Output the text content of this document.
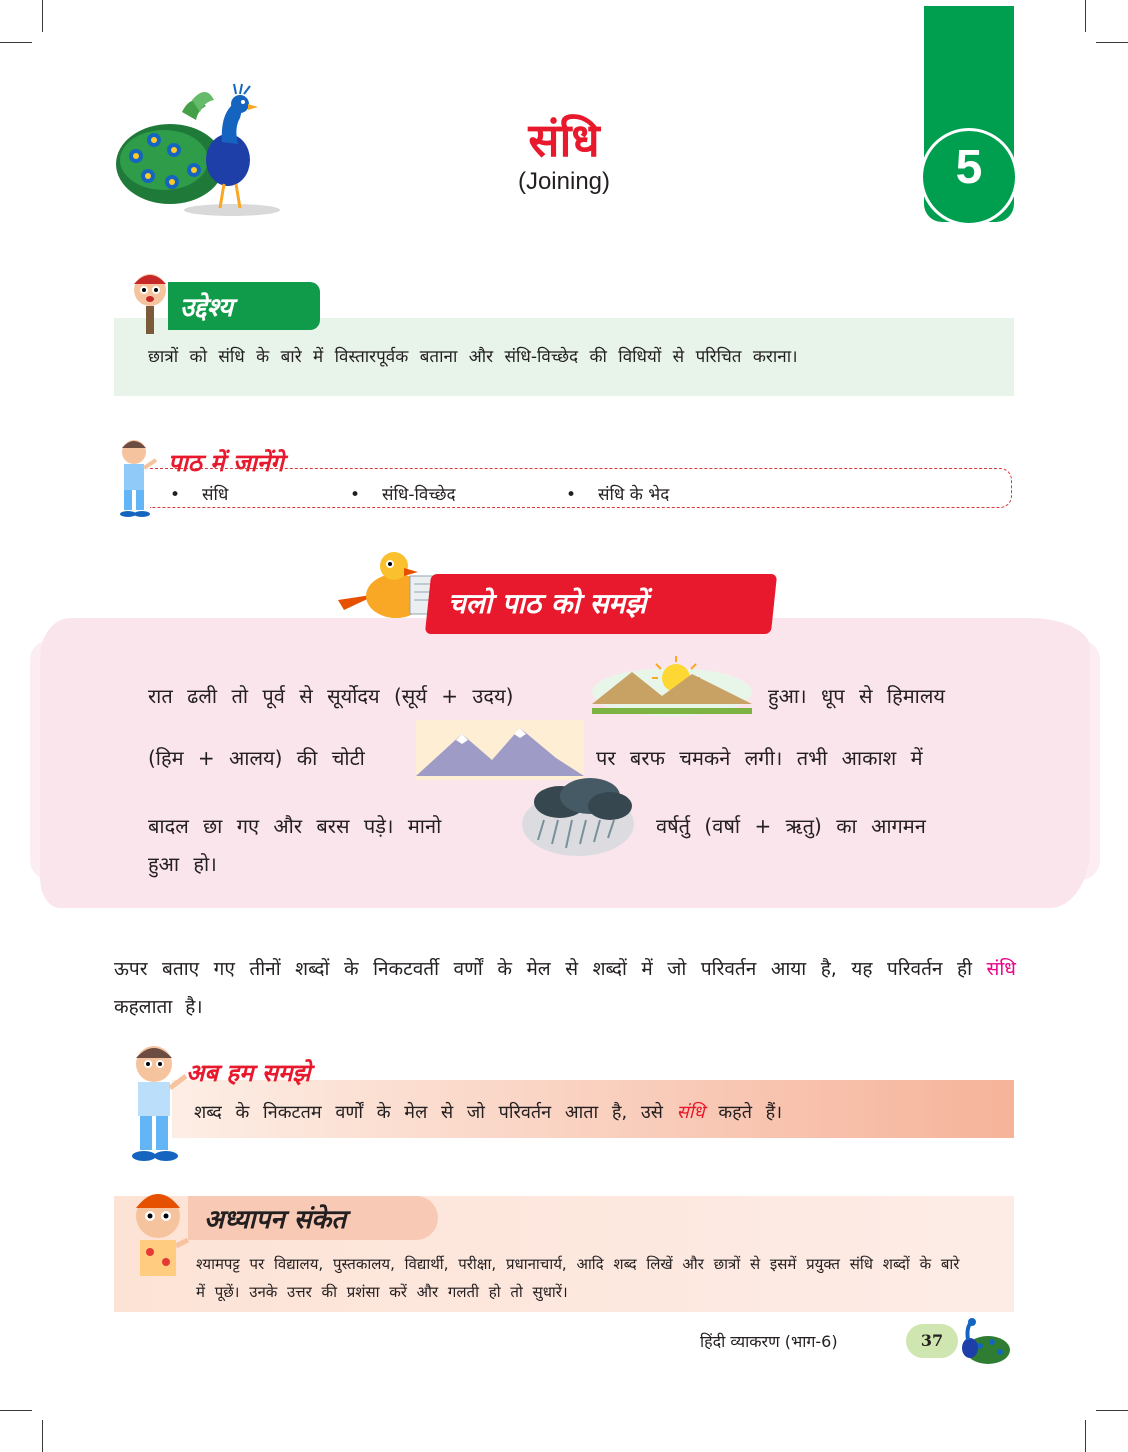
संधि
(Joining)	5
उद्देश्य
छात्रों को संधि के बारे में विस्तारपूर्वक बताना और संधि-विच्छेद की विधियों से परिचित कराना।
पाठ में जानेंगे
• संधि	• संधि-विच्छेद	• संधि के भेद
चलो पाठ को समझें
रात ढली तो पूर्व से सूर्योदय (सूर्य + उदय)	हुआ। धूप से हिमालय
(हिम + आलय) की चोटी	पर बरफ चमकने लगी। तभी आकाश में
बादल छा गए और बरस पड़े। मानो	वर्षर्तु (वर्षा + ऋतु) का आगमन
हुआ हो।
ऊपर बताए गए तीनों शब्दों के निकटवर्ती वर्णों के मेल से शब्दों में जो परिवर्तन आया है, यह परिवर्तन ही संधि कहलाता है।
अब हम समझे
शब्द के निकटतम वर्णों के मेल से जो परिवर्तन आता है, उसे संधि कहते हैं।
अध्यापन संकेत
श्यामपट्ट पर विद्यालय, पुस्तकालय, विद्यार्थी, परीक्षा, प्रधानाचार्य, आदि शब्द लिखें और छात्रों से इसमें प्रयुक्त संधि शब्दों के बारे में पूछें। उनके उत्तर की प्रशंसा करें और गलती हो तो सुधारें।
हिंदी व्याकरण (भाग-6)	37
